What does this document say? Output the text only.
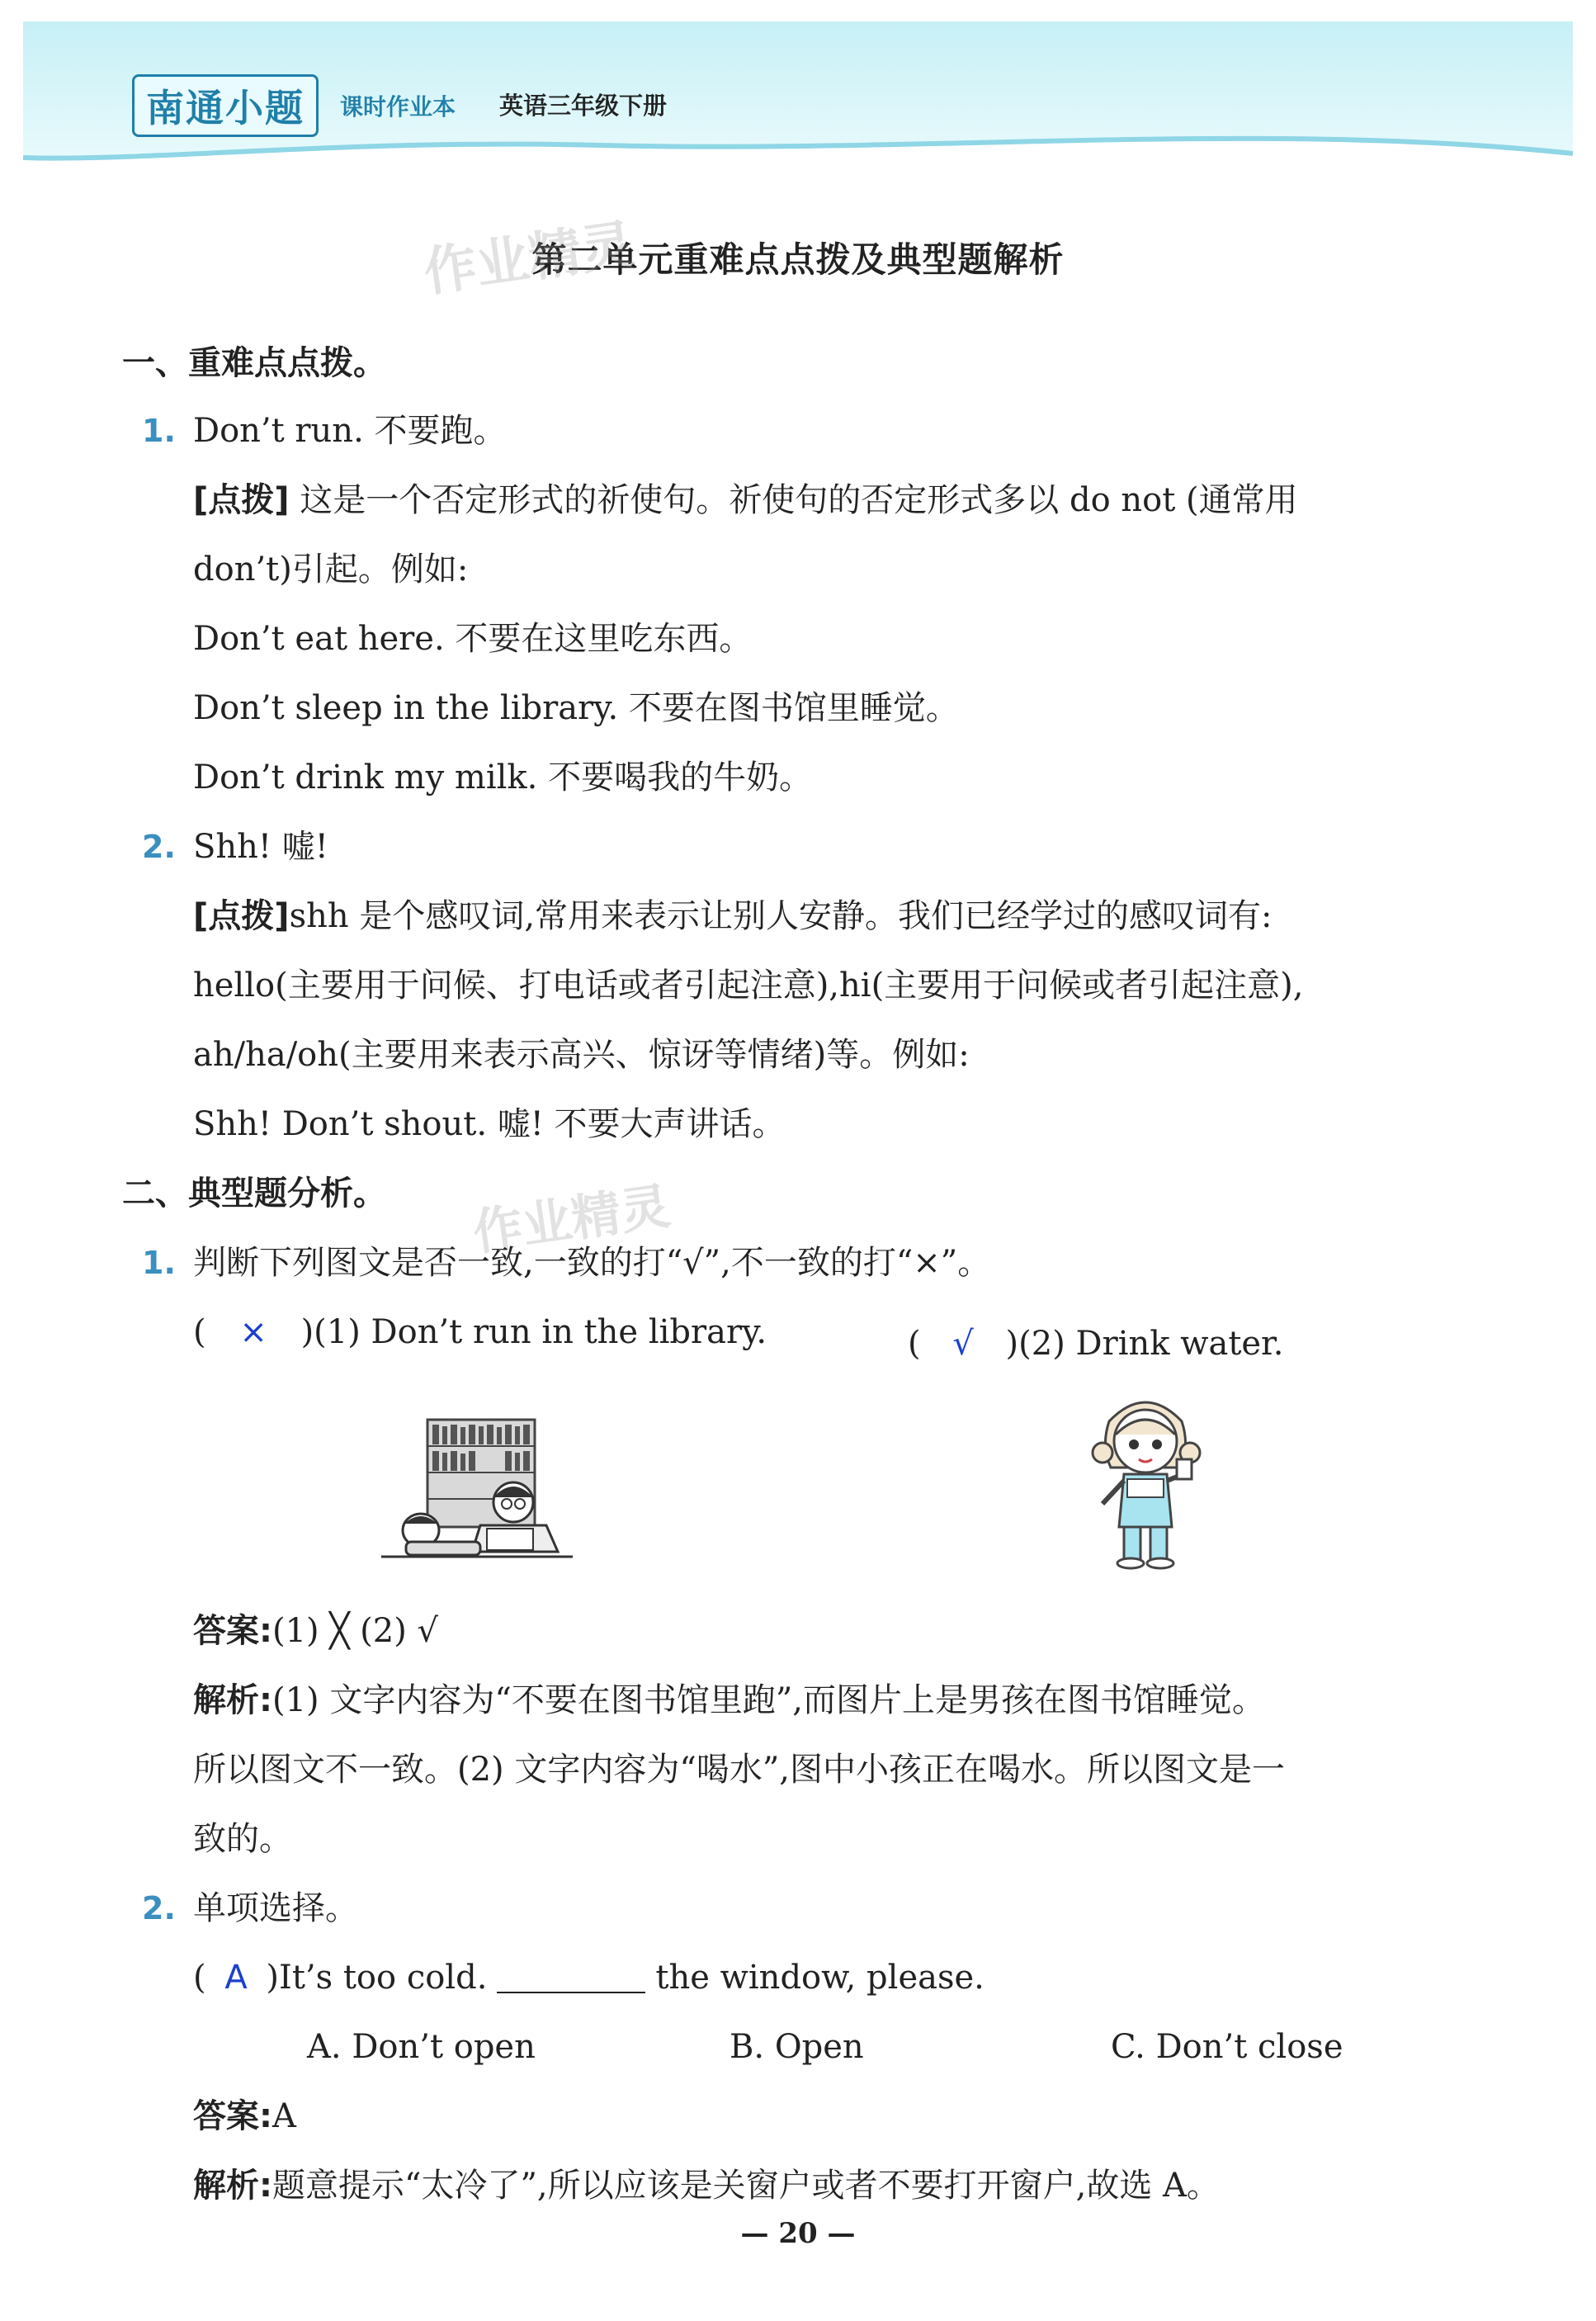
南通小题	课时作业本 英语三年级下册
第二单元重难点点拨及典型题解析
作业精灵
作业精灵
一、重难点点拨。
1. Don’t run. 不要跑。
[点拨] 这是一个否定形式的祈使句。祈使句的否定形式多以 do not (通常用
don’t)引起。例如:
Don’t eat here. 不要在这里吃东西。
Don’t sleep in the library. 不要在图书馆里睡觉。
Don’t drink my milk. 不要喝我的牛奶。
2. Shh! 嘘!
[点拨]shh 是个感叹词,常用来表示让别人安静。我们已经学过的感叹词有:
hello(主要用于问候、打电话或者引起注意),hi(主要用于问候或者引起注意),
ah/ha/oh(主要用来表示高兴、惊讶等情绪)等。例如:
Shh! Don’t shout. 嘘! 不要大声讲话。
二、典型题分析。
1. 判断下列图文是否一致,一致的打“√”,不一致的打“×”。
( × )(1) Don’t run in the library.	( √ )(2) Drink water.
答案:(1) ╳ (2) √
解析:(1) 文字内容为“不要在图书馆里跑”,而图片上是男孩在图书馆睡觉。
所以图文不一致。(2) 文字内容为“喝水”,图中小孩正在喝水。所以图文是一
致的。
2. 单项选择。
( A )It’s too cold.	the window, please.
A. Don’t open	B. Open	C. Don’t close
答案:A
解析:题意提示“太冷了”,所以应该是关窗户或者不要打开窗户,故选 A。
— 20 —
